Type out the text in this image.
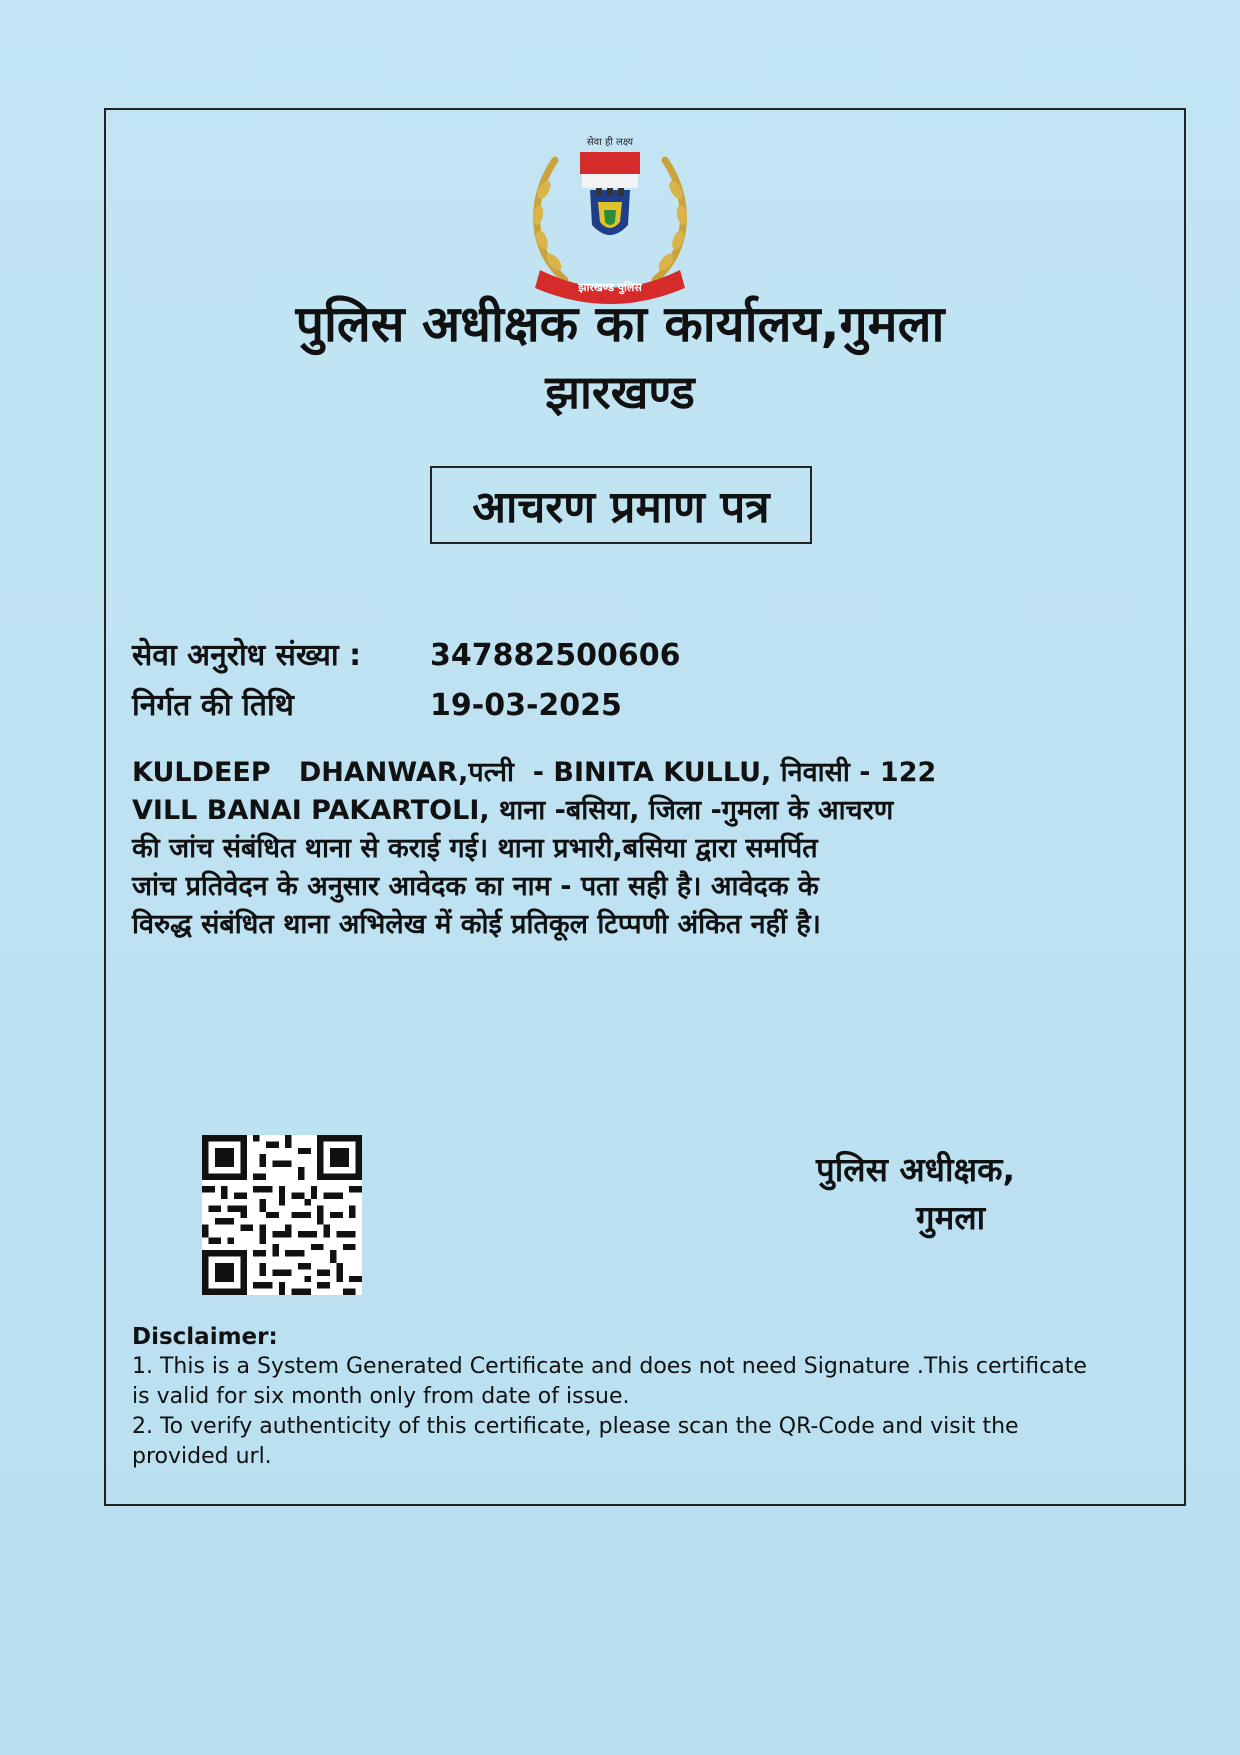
सेवा ही लक्ष्य
झारखण्ड पुलिस
पुलिस अधीक्षक का कार्यालय,गुमला
झारखण्ड
आचरण प्रमाण पत्र
सेवा अनुरोध संख्या : 347882500606
निर्गत की तिथि	19-03-2025
KULDEEP   DHANWAR,पत्नी  - BINITA KULLU, निवासी - 122
VILL BANAI PAKARTOLI, थाना -बसिया, जिला -गुमला के आचरण
की जांच संबंधित थाना से कराई गई। थाना प्रभारी,बसिया द्वारा समर्पित
जांच प्रतिवेदन के अनुसार आवेदक का नाम - पता सही है। आवेदक के
विरुद्ध संबंधित थाना अभिलेख में कोई प्रतिकूल टिप्पणी अंकित नहीं है।
पुलिस अधीक्षक,
गुमला

Disclaimer:

1. This is a System Generated Certificate and does not need Signature .This certificate is valid for six month only from date of issue.

2. To verify authenticity of this certificate, please scan the QR-Code and visit the provided url.
